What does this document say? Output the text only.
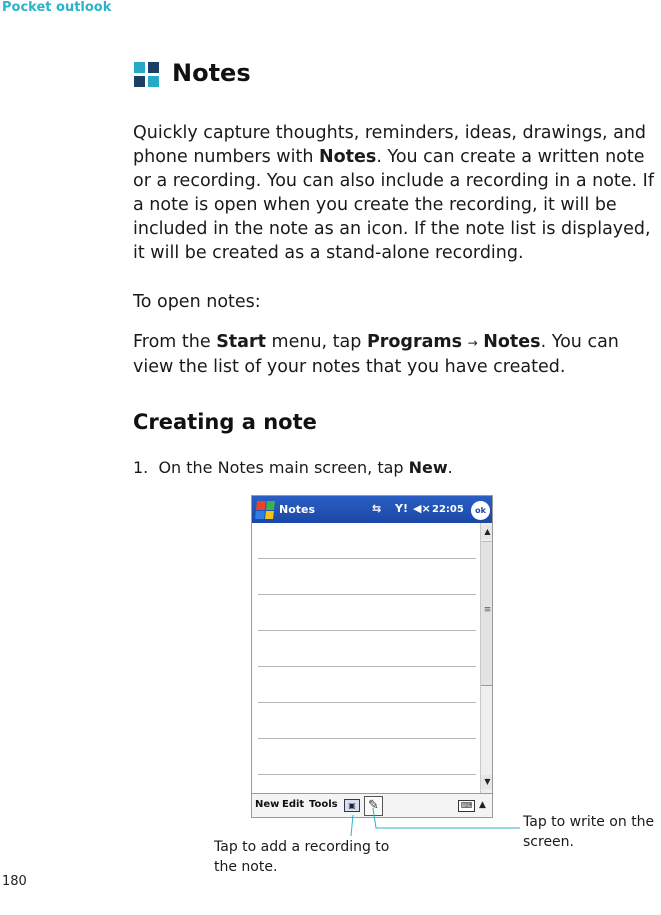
Pocket outlook
Notes
Quickly capture thoughts, reminders, ideas, drawings, and phone numbers with Notes. You can create a written note or a recording. You can also include a recording in a note. If a note is open when you create the recording, it will be included in the note as an icon. If the note list is displayed, it will be created as a stand-alone recording.
To open notes:
From the Start menu, tap Programs → Notes. You can view the list of your notes that you have created.
Creating a note
1. On the Notes main screen, tap New.
Notes	⇆ Y! ◀× 22:05	ok
▲
≡
▼
New Edit Tools	▣ ✎	⌨ ▲
Tap to add a recording to the note.
Tap to write on the screen.
180
